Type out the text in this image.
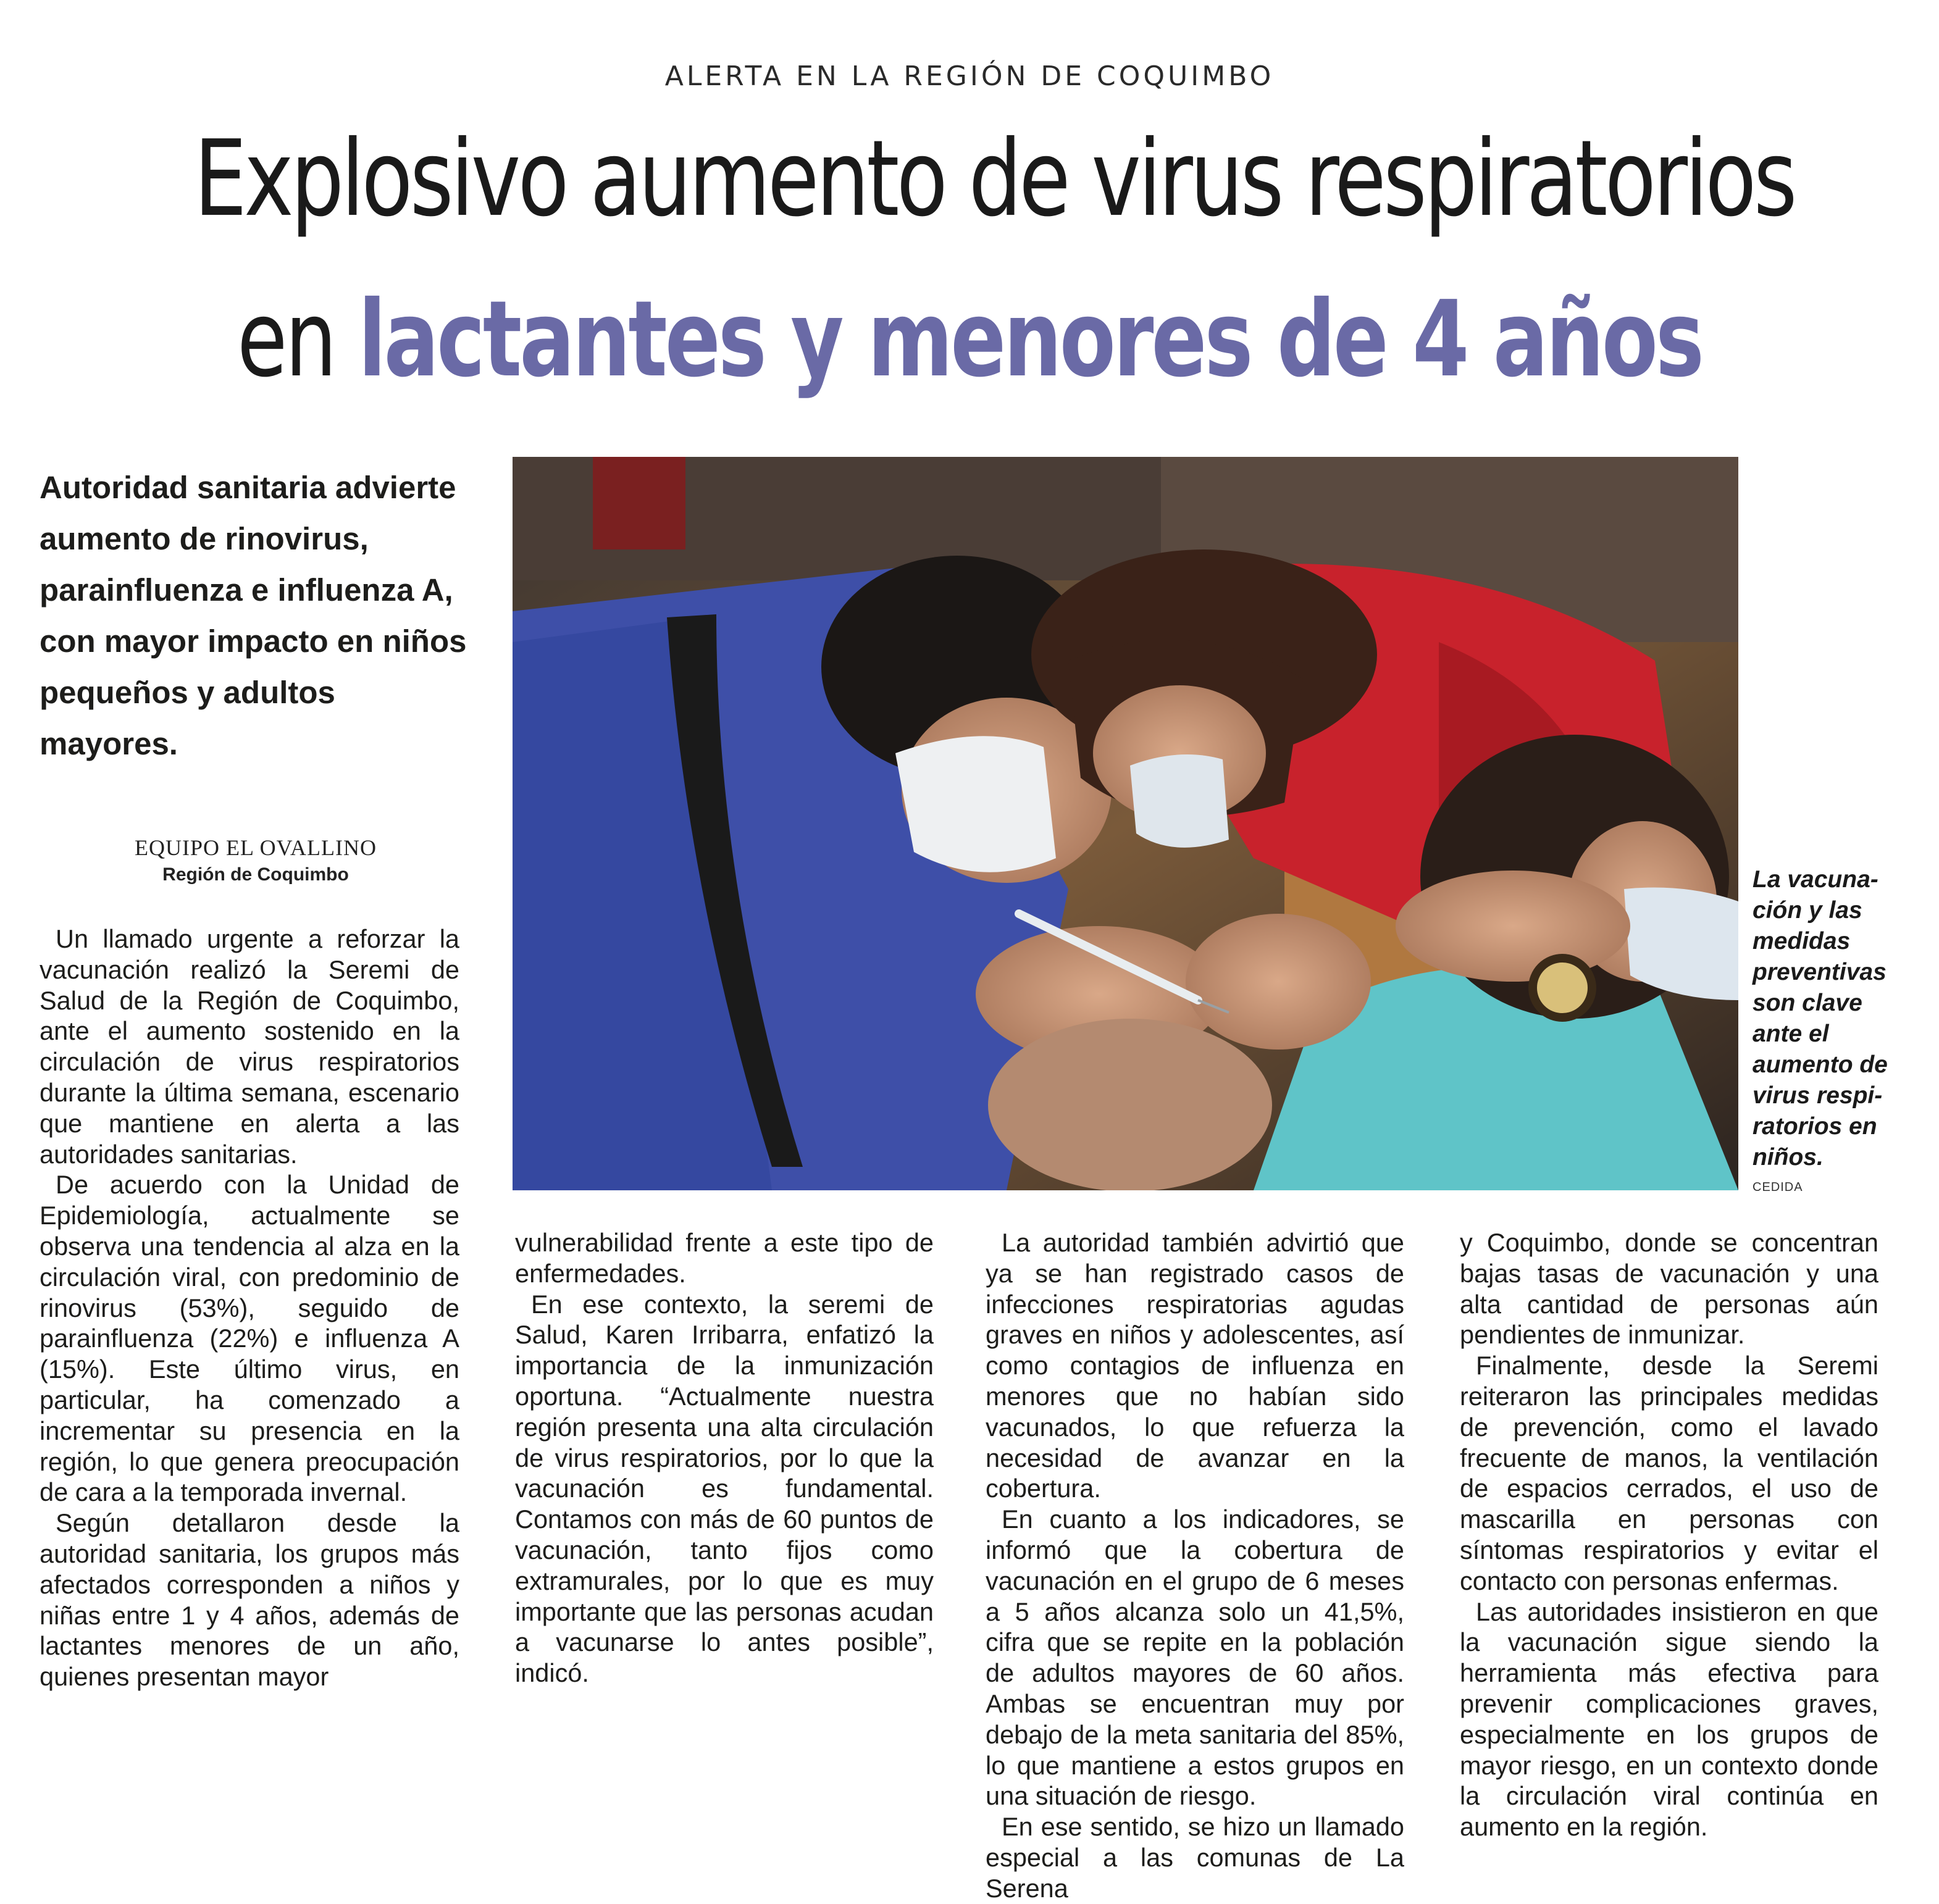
ALERTA EN LA REGIÓN DE COQUIMBO
Explosivo aumento de virus respiratorios
en lactantes y menores de 4 años
Autoridad sanitaria advierte aumento de rinovirus, parainfluenza e influenza A, con mayor impacto en niños pequeños y adultos mayores.
EQUIPO EL OVALLINO
Región de Coquimbo	La vacuna-ción y las medidas preventivas son clave ante el aumento de virus respi-ratorios en niños.
CEDIDA

Un llamado urgente a reforzar la vacunación realizó la Seremi de Salud de la Región de Coquimbo, ante el aumento sostenido en la circulación de virus respiratorios durante la última semana, escenario que mantiene en alerta a las autoridades sanitarias.

De acuerdo con la Unidad de Epidemiología, actualmente se observa una tendencia al alza en la circulación viral, con predominio de rinovirus (53%), seguido de parainfluenza (22%) e influenza A (15%). Este último virus, en particular, ha comenzado a incrementar su presencia en la región, lo que genera preocupación de cara a la temporada invernal.

Según detallaron desde la autoridad sanitaria, los grupos más afectados corresponden a niños y niñas entre 1 y 4 años, además de lactantes menores de un año, quienes presentan mayor

vulnerabilidad frente a este tipo de enfermedades.

En ese contexto, la seremi de Salud, Karen Irribarra, enfatizó la importancia de la inmunización oportuna. “Actualmente nuestra región presenta una alta circulación de virus respiratorios, por lo que la vacunación es fundamental. Contamos con más de 60 puntos de vacunación, tanto fijos como extramurales, por lo que es muy importante que las personas acudan a vacunarse lo antes posible”, indicó.

La autoridad también advirtió que ya se han registrado casos de infecciones respiratorias agudas graves en niños y adolescentes, así como contagios de influenza en menores que no habían sido vacunados, lo que refuerza la necesidad de avanzar en la cobertura.

En cuanto a los indicadores, se informó que la cobertura de vacunación en el grupo de 6 meses a 5 años alcanza solo un 41,5%, cifra que se repite en la población de adultos mayores de 60 años. Ambas se encuentran muy por debajo de la meta sanitaria del 85%, lo que mantiene a estos grupos en una situación de riesgo.

En ese sentido, se hizo un llamado especial a las comunas de La Serena

y Coquimbo, donde se concentran bajas tasas de vacunación y una alta cantidad de personas aún pendientes de inmunizar.

Finalmente, desde la Seremi reiteraron las principales medidas de prevención, como el lavado frecuente de manos, la ventilación de espacios cerrados, el uso de mascarilla en personas con síntomas respiratorios y evitar el contacto con personas enfermas.

Las autoridades insistieron en que la vacunación sigue siendo la herramienta más efectiva para prevenir complicaciones graves, especialmente en los grupos de mayor riesgo, en un contexto donde la circulación viral continúa en aumento en la región.
